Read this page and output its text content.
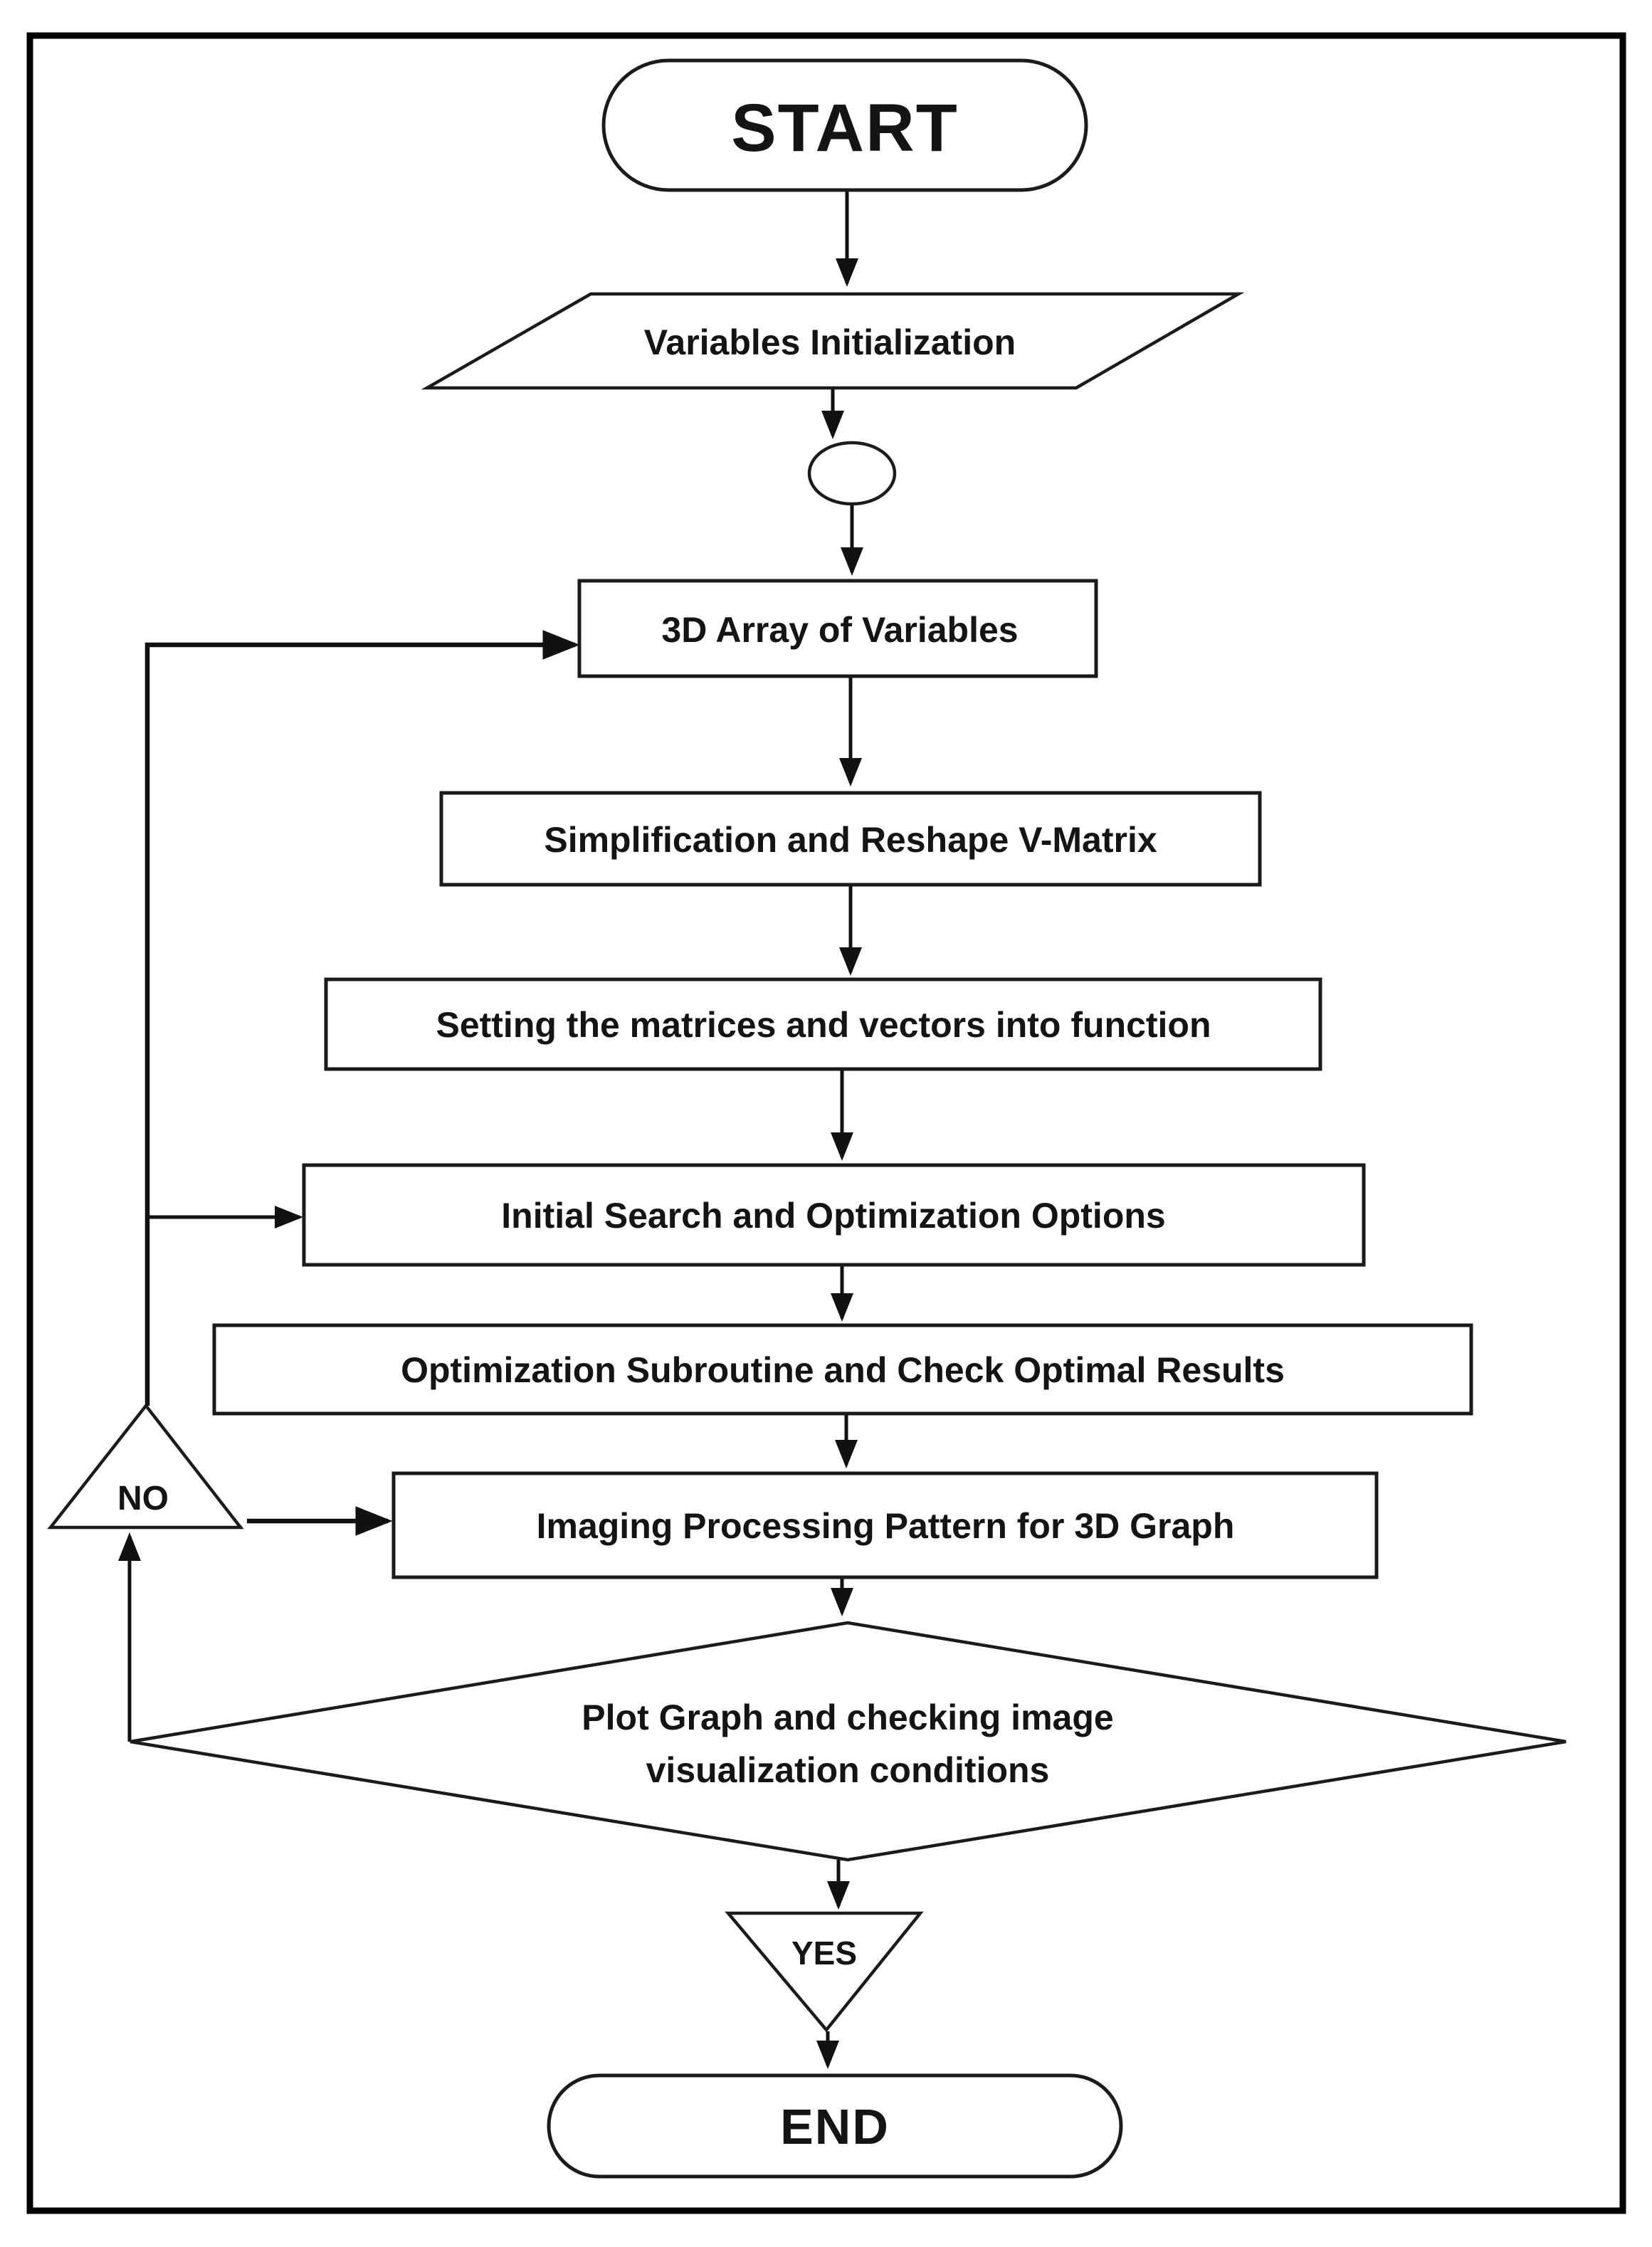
START
Variables Initialization
3D Array of Variables
Simplification and Reshape V-Matrix
Setting the matrices and vectors into function
Initial Search and Optimization Options
Optimization Subroutine and Check Optimal Results
Imaging Processing Pattern for 3D Graph
NO
Plot Graph and checking image
visualization conditions
YES
END
